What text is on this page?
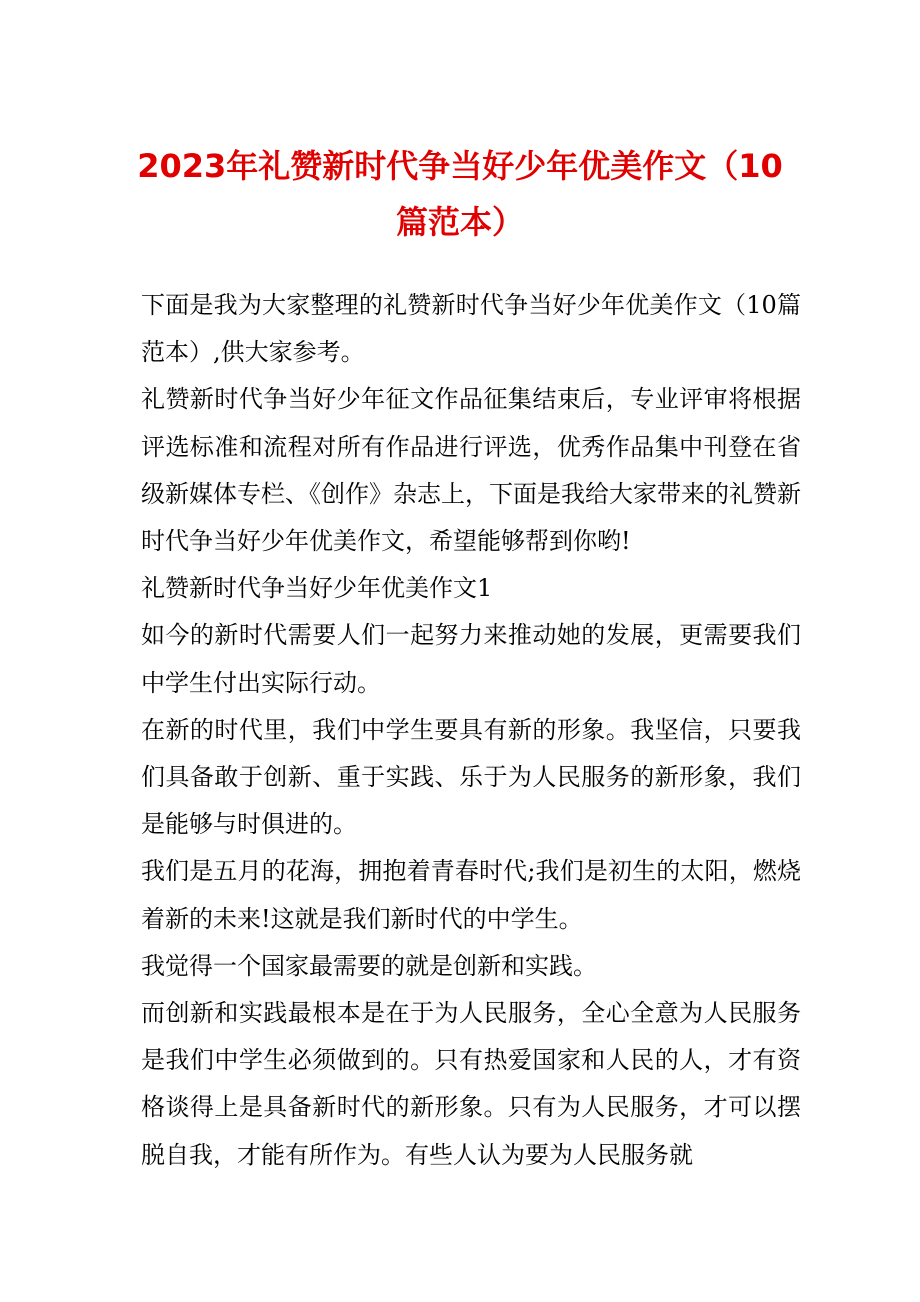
2023年礼赞新时代争当好少年优美作文（10
篇范本）

下面是我为大家整理的礼赞新时代争当好少年优美作文（10篇范本）,供大家参考。

礼赞新时代争当好少年征文作品征集结束后，专业评审将根据评选标准和流程对所有作品进行评选，优秀作品集中刊登在省级新媒体专栏、《创作》杂志上，下面是我给大家带来的礼赞新时代争当好少年优美作文，希望能够帮到你哟!

礼赞新时代争当好少年优美作文1

如今的新时代需要人们一起努力来推动她的发展，更需要我们中学生付出实际行动。

在新的时代里，我们中学生要具有新的形象。我坚信，只要我们具备敢于创新、重于实践、乐于为人民服务的新形象，我们是能够与时俱进的。

我们是五月的花海，拥抱着青春时代;我们是初生的太阳，燃烧着新的未来!这就是我们新时代的中学生。

我觉得一个国家最需要的就是创新和实践。

而创新和实践最根本是在于为人民服务，全心全意为人民服务是我们中学生必须做到的。只有热爱国家和人民的人，才有资格谈得上是具备新时代的新形象。只有为人民服务，才可以摆脱自我，才能有所作为。有些人认为要为人民服务就
